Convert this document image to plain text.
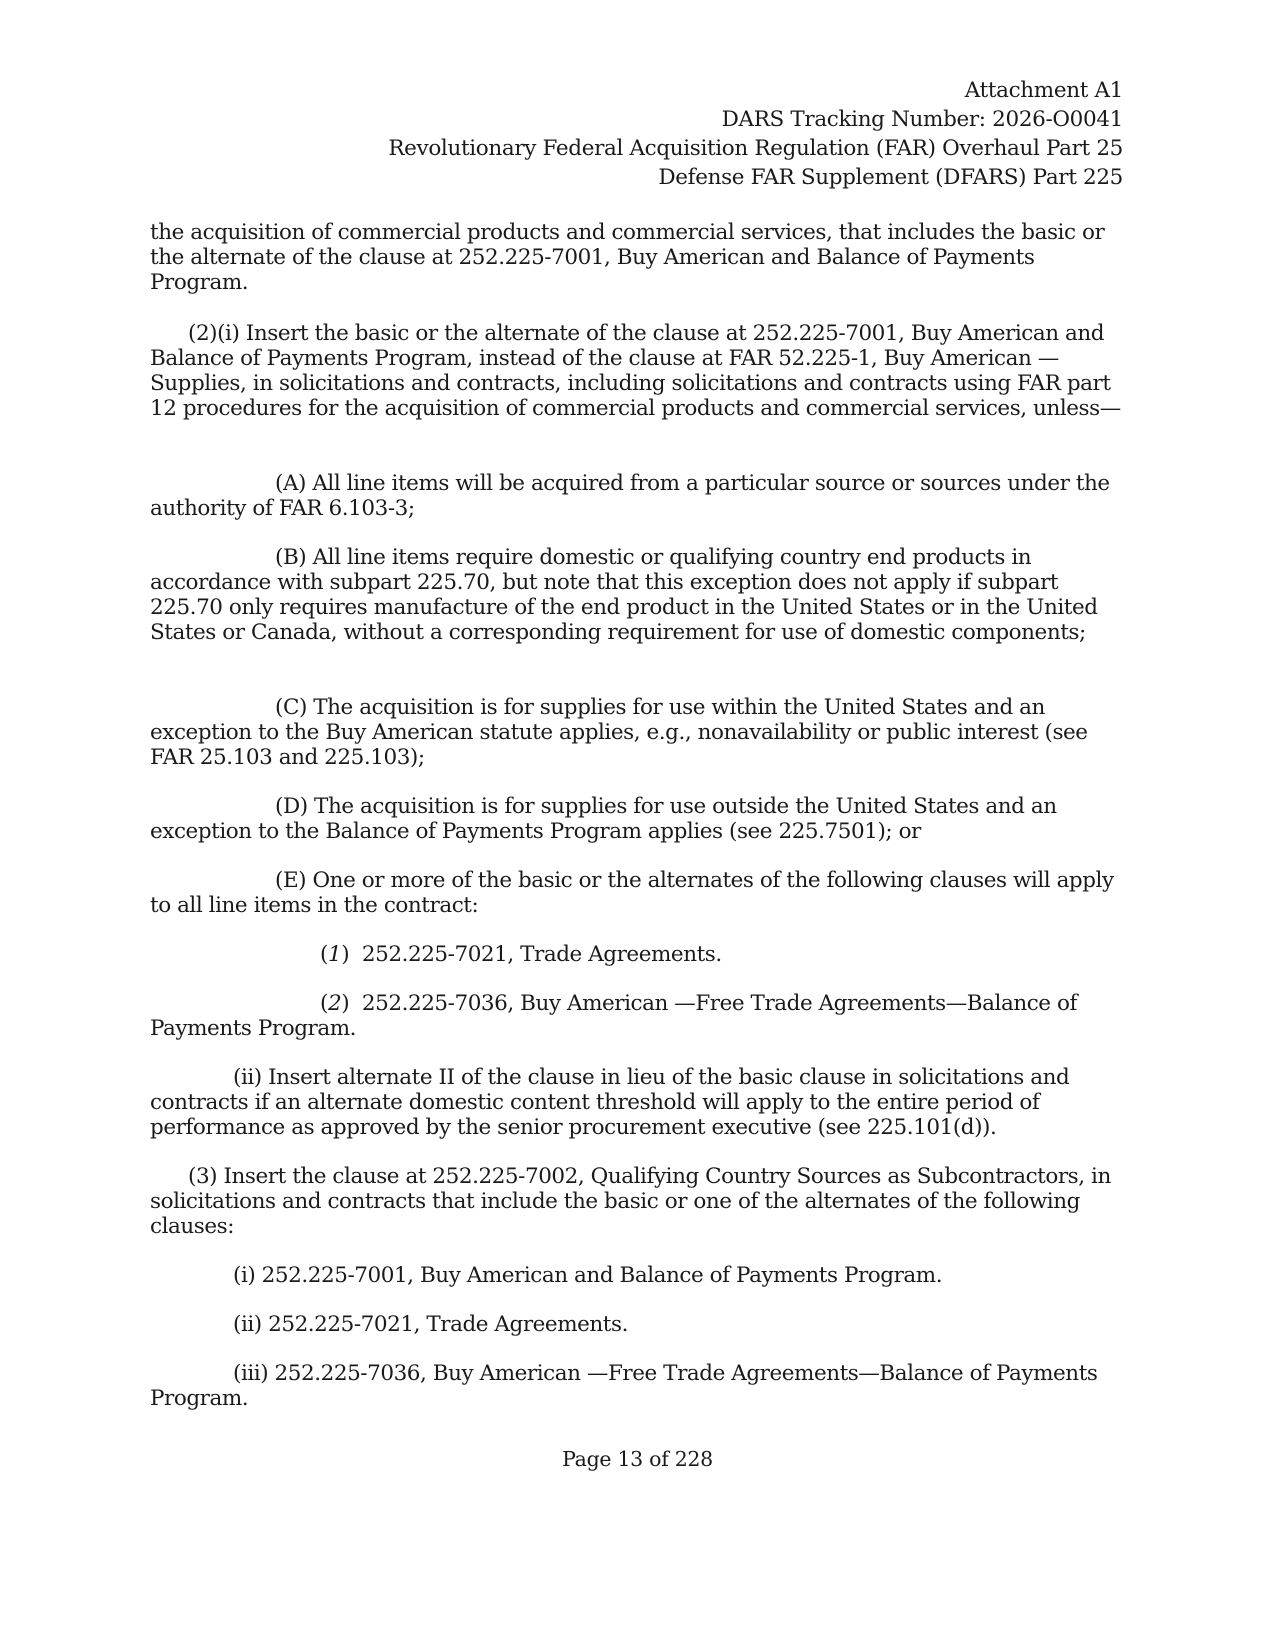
Attachment A1
DARS Tracking Number: 2026-O0041
Revolutionary Federal Acquisition Regulation (FAR) Overhaul Part 25
Defense FAR Supplement (DFARS) Part 225

the acquisition of commercial products and commercial services, that includes the basic or the alternate of the clause at 252.225-7001, Buy American and Balance of Payments Program.

(2)(i) Insert the basic or the alternate of the clause at 252.225-7001, Buy American and Balance of Payments Program, instead of the clause at FAR 52.225-1, Buy American —Supplies, in solicitations and contracts, including solicitations and contracts using FAR part 12 procedures for the acquisition of commercial products and commercial services, unless—

(A) All line items will be acquired from a particular source or sources under the authority of FAR 6.103-3;

(B) All line items require domestic or qualifying country end products in accordance with subpart 225.70, but note that this exception does not apply if subpart 225.70 only requires manufacture of the end product in the United States or in the United States or Canada, without a corresponding requirement for use of domestic components;

(C) The acquisition is for supplies for use within the United States and an exception to the Buy American statute applies, e.g., nonavailability or public interest (see FAR 25.103 and 225.103);

(D) The acquisition is for supplies for use outside the United States and an exception to the Balance of Payments Program applies (see 225.7501); or

(E) One or more of the basic or the alternates of the following clauses will apply to all line items in the contract:

(1)  252.225-7021, Trade Agreements.

(2)  252.225-7036, Buy American —Free Trade Agreements—Balance of Payments Program.

(ii) Insert alternate II of the clause in lieu of the basic clause in solicitations and contracts if an alternate domestic content threshold will apply to the entire period of performance as approved by the senior procurement executive (see 225.101(d)).

(3) Insert the clause at 252.225-7002, Qualifying Country Sources as Subcontractors, in solicitations and contracts that include the basic or one of the alternates of the following clauses:

(i) 252.225-7001, Buy American and Balance of Payments Program.

(ii) 252.225-7021, Trade Agreements.

(iii) 252.225-7036, Buy American —Free Trade Agreements—Balance of Payments Program.

Page 13 of 228
